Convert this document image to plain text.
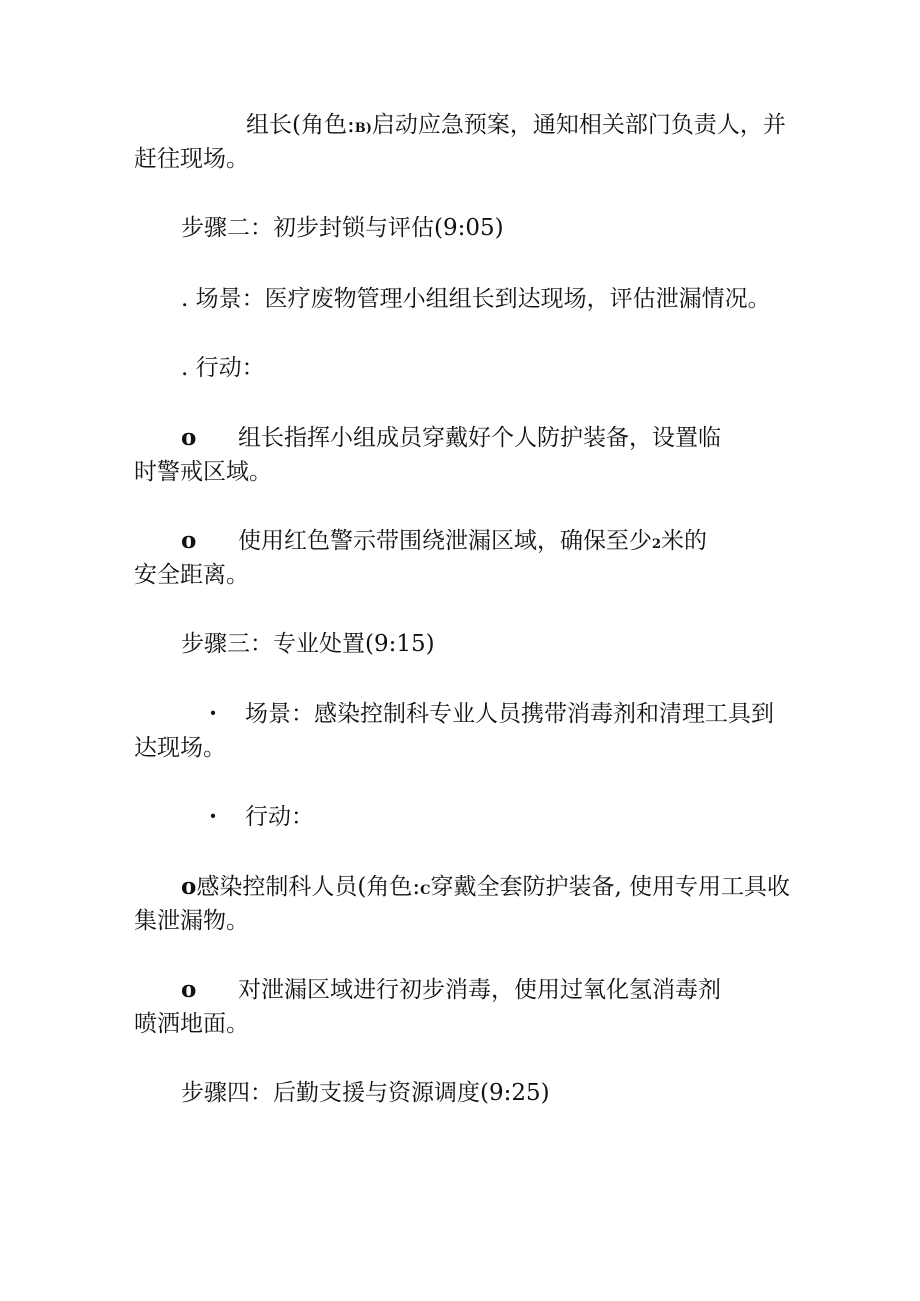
组长(角色:B)启动应急预案，通知相关部门负责人，并

赶往现场。

步骤二：初步封锁与评估(9:05)

. 场景：医疗废物管理小组组长到达现场，评估泄漏情况。

. 行动：

o 组长指挥小组成员穿戴好个人防护装备，设置临

时警戒区域。

o 使用红色警示带围绕泄漏区域，确保至少2米的

安全距离。

步骤三：专业处置(9:15)

· 场景：感染控制科专业人员携带消毒剂和清理工具到

达现场。

· 行动：

o感染控制科人员(角色:C穿戴全套防护装备, 使用专用工具收

集泄漏物。

o 对泄漏区域进行初步消毒，使用过氧化氢消毒剂

喷洒地面。

步骤四：后勤支援与资源调度(9:25)
